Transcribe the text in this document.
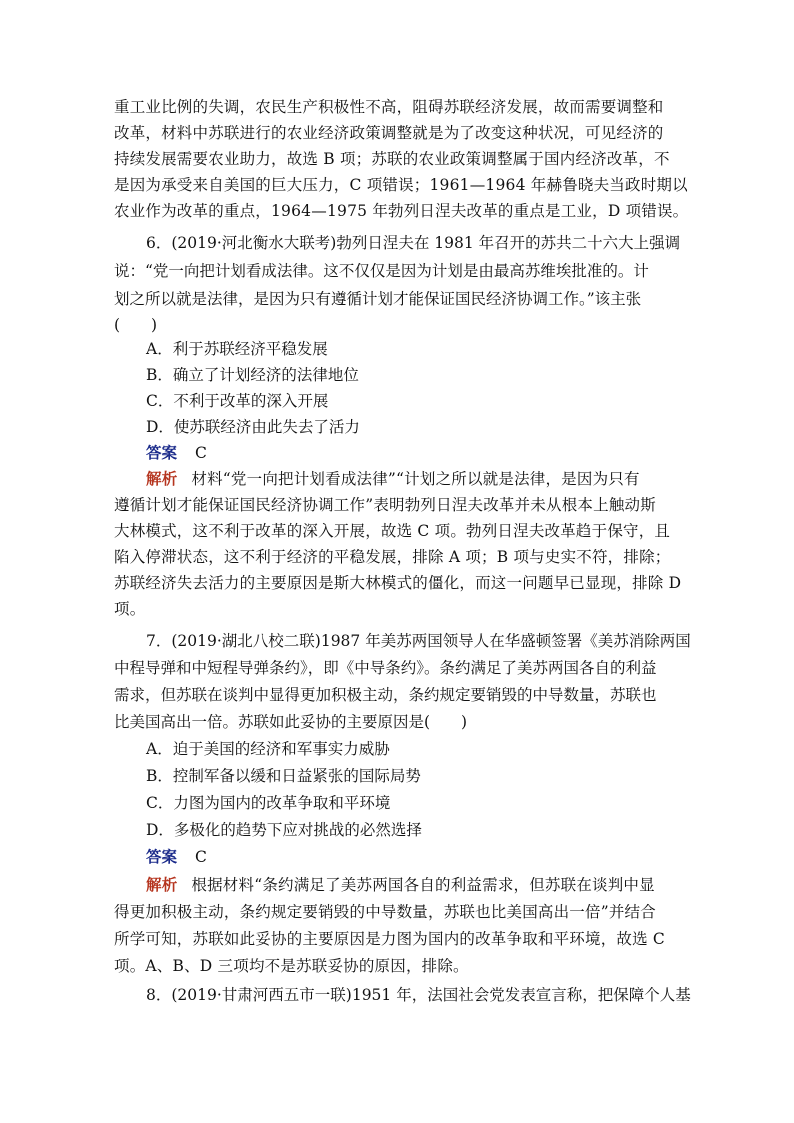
重工业比例的失调，农民生产积极性不高，阻碍苏联经济发展，故而需要调整和
改革，材料中苏联进行的农业经济政策调整就是为了改变这种状况，可见经济的
持续发展需要农业助力，故选 B 项；苏联的农业政策调整属于国内经济改革，不
是因为承受来自美国的巨大压力，C 项错误；1961—1964 年赫鲁晓夫当政时期以
农业作为改革的重点，1964—1975 年勃列日涅夫改革的重点是工业，D 项错误。
6．(2019·河北衡水大联考)勃列日涅夫在 1981 年召开的苏共二十六大上强调
说：“党一向把计划看成法律。这不仅仅是因为计划是由最高苏维埃批准的。计
划之所以就是法律，是因为只有遵循计划才能保证国民经济协调工作。”该主张
(　　)
A．利于苏联经济平稳发展
B．确立了计划经济的法律地位
C．不利于改革的深入开展
D．使苏联经济由此失去了活力
答案 C
解析 材料“党一向把计划看成法律”“计划之所以就是法律，是因为只有
遵循计划才能保证国民经济协调工作”表明勃列日涅夫改革并未从根本上触动斯
大林模式，这不利于改革的深入开展，故选 C 项。勃列日涅夫改革趋于保守，且
陷入停滞状态，这不利于经济的平稳发展，排除 A 项；B 项与史实不符，排除；
苏联经济失去活力的主要原因是斯大林模式的僵化，而这一问题早已显现，排除 D
项。
7．(2019·湖北八校二联)1987 年美苏两国领导人在华盛顿签署《美苏消除两国
中程导弹和中短程导弹条约》，即《中导条约》。条约满足了美苏两国各自的利益
需求，但苏联在谈判中显得更加积极主动，条约规定要销毁的中导数量，苏联也
比美国高出一倍。苏联如此妥协的主要原因是(　　)
A．迫于美国的经济和军事实力威胁
B．控制军备以缓和日益紧张的国际局势
C．力图为国内的改革争取和平环境
D．多极化的趋势下应对挑战的必然选择
答案 C
解析 根据材料“条约满足了美苏两国各自的利益需求，但苏联在谈判中显
得更加积极主动，条约规定要销毁的中导数量，苏联也比美国高出一倍”并结合
所学可知，苏联如此妥协的主要原因是力图为国内的改革争取和平环境，故选 C
项。A、B、D 三项均不是苏联妥协的原因，排除。
8．(2019·甘肃河西五市一联)1951 年，法国社会党发表宣言称，把保障个人基
